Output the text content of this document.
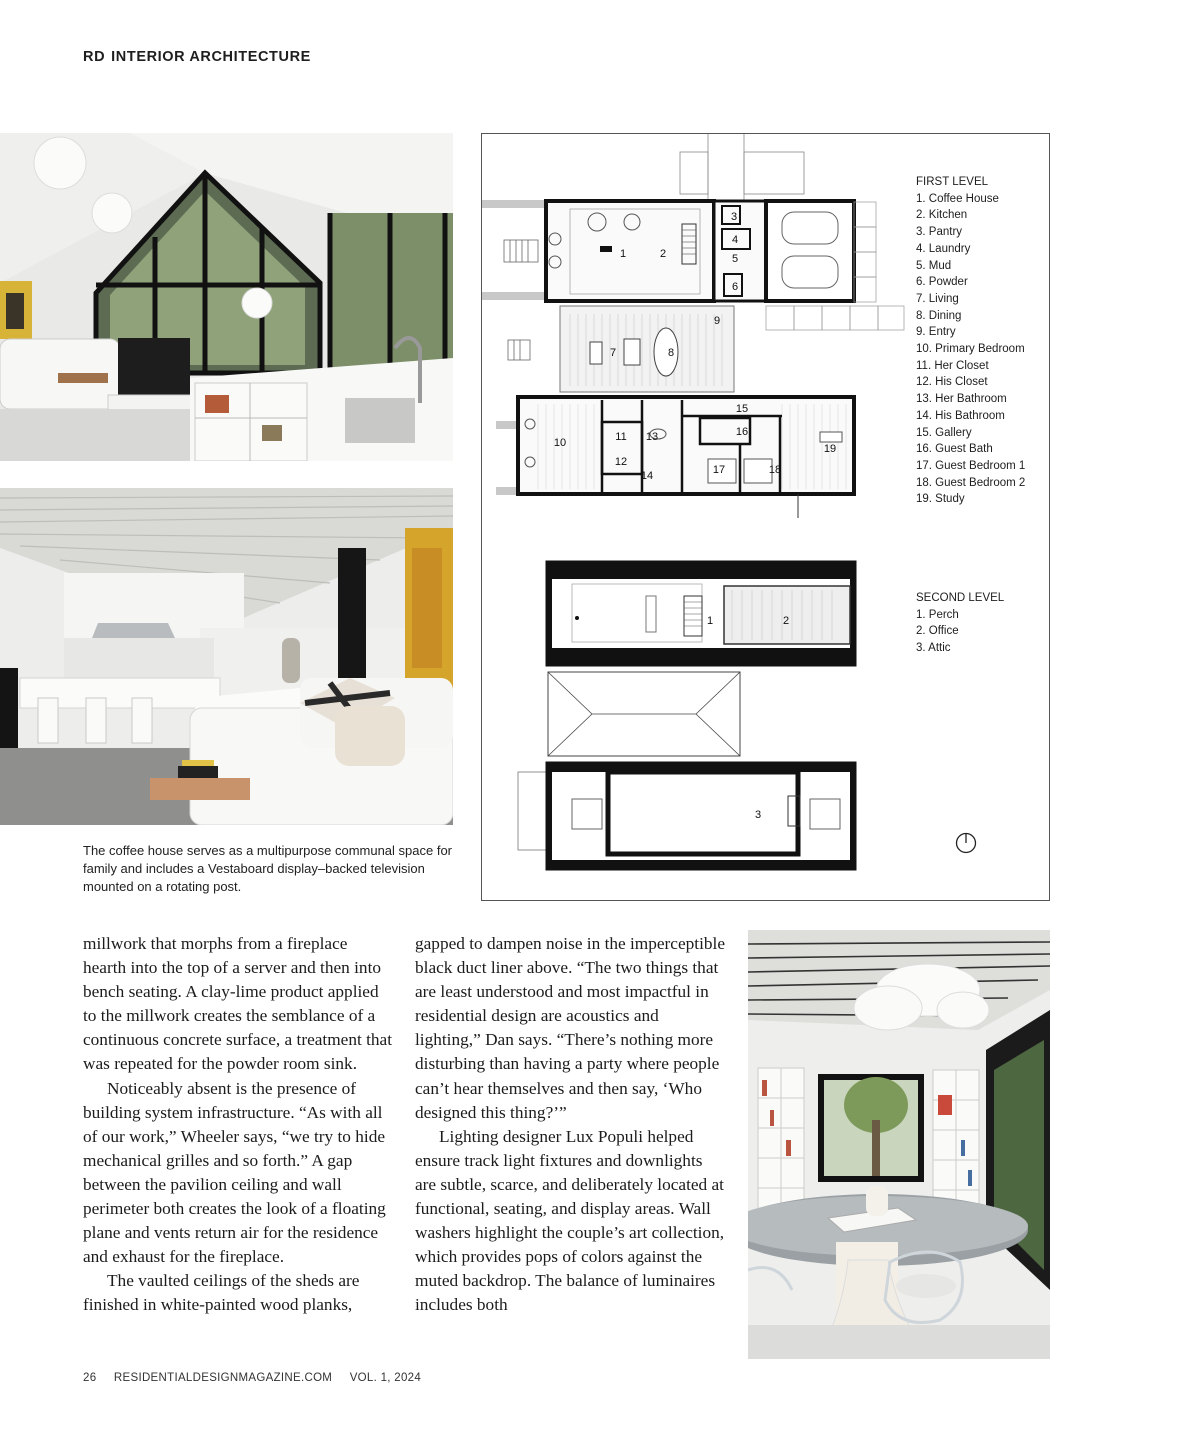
RD INTERIOR ARCHITECTURE
The coffee house serves as a multipurpose communal space for family and includes a Vestaboard display–backed television mounted on a rotating post.
1	2
3
4
5
6
7	8
9
10	11
12
13
14
15
16
17	18
19
1	2
3
FIRST LEVEL
1. Coffee House
2. Kitchen
3. Pantry
4. Laundry
5. Mud
6. Powder
7. Living
8. Dining
9. Entry
10. Primary Bedroom
11. Her Closet
12. His Closet
13. Her Bathroom
14. His Bathroom
15. Gallery
16. Guest Bath
17. Guest Bedroom 1
18. Guest Bedroom 2
19. Study
SECOND LEVEL
1. Perch
2. Office
3. Attic

millwork that morphs from a fireplace hearth into the top of a server and then into bench seating. A clay-lime product applied to the millwork creates the semblance of a continuous concrete surface, a treatment that was repeated for the powder room sink.

Noticeably absent is the presence of building system infrastructure. “As with all of our work,” Wheeler says, “we try to hide mechanical grilles and so forth.” A gap between the pavilion ceiling and wall perimeter both creates the look of a floating plane and vents return air for the residence and exhaust for the fireplace.

The vaulted ceilings of the sheds are finished in white-painted wood planks,

gapped to dampen noise in the imperceptible black duct liner above. “The two things that are least understood and most impactful in residential design are acoustics and lighting,” Dan says. “There’s nothing more disturbing than having a party where people can’t hear themselves and then say, ‘Who designed this thing?’”

Lighting designer Lux Populi helped ensure track light fixtures and downlights are subtle, scarce, and deliberately located at functional, seating, and display areas. Wall washers highlight the couple’s art collection, which provides pops of colors against the muted backdrop. The balance of luminaires includes both

26 RESIDENTIALDESIGNMAGAZINE.COM VOL. 1, 2024
